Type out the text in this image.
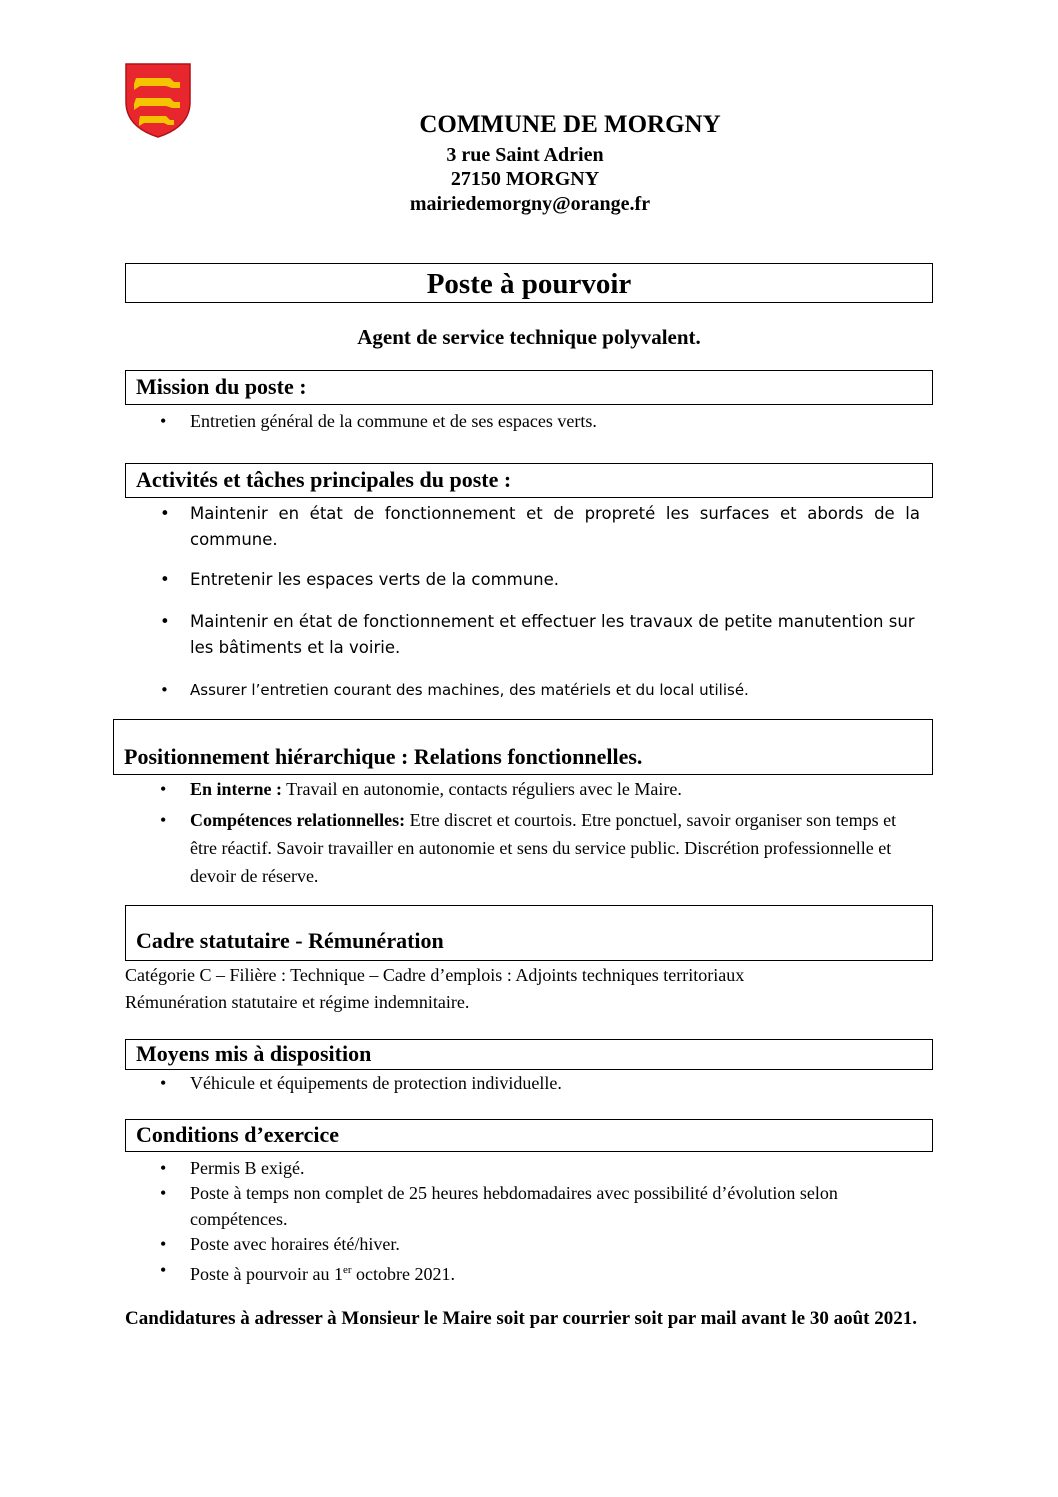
COMMUNE DE MORGNY
3 rue Saint Adrien
27150 MORGNY
mairiedemorgny@orange.fr
Poste à pourvoir
Agent de service technique polyvalent.
Mission du poste :
• Entretien général de la commune et de ses espaces verts.
Activités et tâches principales du poste :
• Maintenir en état de fonctionnement et de propreté les surfaces et abords de la commune.
• Entretenir les espaces verts de la commune.
• Maintenir en état de fonctionnement et effectuer les travaux de petite manutention sur les bâtiments et la voirie.
• Assurer l’entretien courant des machines, des matériels et du local utilisé.
Positionnement hiérarchique : Relations fonctionnelles.
• En interne : Travail en autonomie, contacts réguliers avec le Maire.
• Compétences relationnelles: Etre discret et courtois. Etre ponctuel, savoir organiser son temps et être réactif. Savoir travailler en autonomie et sens du service public. Discrétion professionnelle et devoir de réserve.
Cadre statutaire - Rémunération
Catégorie C – Filière : Technique – Cadre d’emplois : Adjoints techniques territoriaux
Rémunération statutaire et régime indemnitaire.
Moyens mis à disposition
• Véhicule et équipements de protection individuelle.
Conditions d’exercice
• Permis B exigé.
• Poste à temps non complet de 25 heures hebdomadaires avec possibilité d’évolution selon compétences.
• Poste avec horaires été/hiver.
• Poste à pourvoir au 1er octobre 2021.
Candidatures à adresser à Monsieur le Maire soit par courrier soit par mail avant le 30 août 2021.
